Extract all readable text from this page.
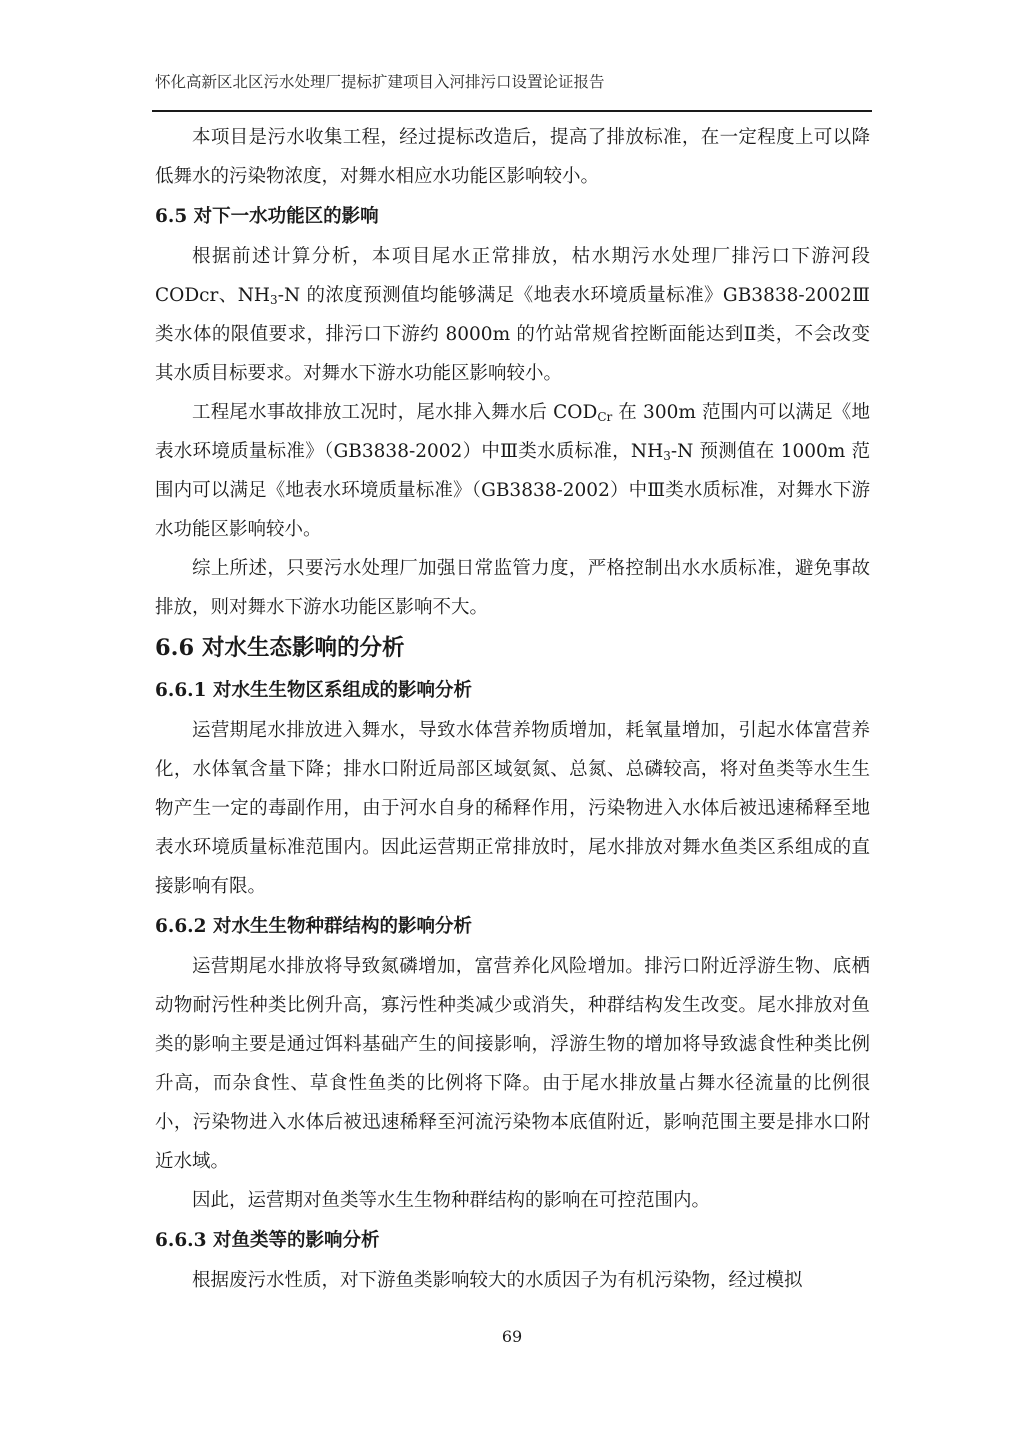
怀化高新区北区污水处理厂提标扩建项目入河排污口设置论证报告

本项目是污水收集工程，经过提标改造后，提高了排放标准，在一定程度上可以降低舞水的污染物浓度，对舞水相应水功能区影响较小。

6.5 对下一水功能区的影响

根据前述计算分析，本项目尾水正常排放，枯水期污水处理厂排污口下游河段 CODcr、$NH_3-N$ 的浓度预测值均能够满足《地表水环境质量标准》GB3838-2002Ⅲ类水体的限值要求，排污口下游约 8000m 的竹站常规省控断面能达到Ⅱ类，不会改变其水质目标要求。对舞水下游水功能区影响较小。

工程尾水事故排放工况时，尾水排入舞水后 $COD_{Cr}$ 在 300m 范围内可以满足《地表水环境质量标准》（GB3838-2002）中Ⅲ类水质标准，$NH_3-N$ 预测值在 1000m 范围内可以满足《地表水环境质量标准》（GB3838-2002）中Ⅲ类水质标准，对舞水下游水功能区影响较小。

综上所述，只要污水处理厂加强日常监管力度，严格控制出水水质标准，避免事故排放，则对舞水下游水功能区影响不大。

6.6 对水生态影响的分析

6.6.1 对水生生物区系组成的影响分析

运营期尾水排放进入舞水，导致水体营养物质增加，耗氧量增加，引起水体富营养化，水体氧含量下降；排水口附近局部区域氨氮、总氮、总磷较高，将对鱼类等水生生物产生一定的毒副作用，由于河水自身的稀释作用，污染物进入水体后被迅速稀释至地表水环境质量标准范围内。因此运营期正常排放时，尾水排放对舞水鱼类区系组成的直接影响有限。

6.6.2 对水生生物种群结构的影响分析

运营期尾水排放将导致氮磷增加，富营养化风险增加。排污口附近浮游生物、底栖动物耐污性种类比例升高，寡污性种类减少或消失，种群结构发生改变。尾水排放对鱼类的影响主要是通过饵料基础产生的间接影响，浮游生物的增加将导致滤食性种类比例升高，而杂食性、草食性鱼类的比例将下降。由于尾水排放量占舞水径流量的比例很小，污染物进入水体后被迅速稀释至河流污染物本底值附近，影响范围主要是排水口附近水域。

因此，运营期对鱼类等水生生物种群结构的影响在可控范围内。

6.6.3 对鱼类等的影响分析

根据废污水性质，对下游鱼类影响较大的水质因子为有机污染物，经过模拟

69
